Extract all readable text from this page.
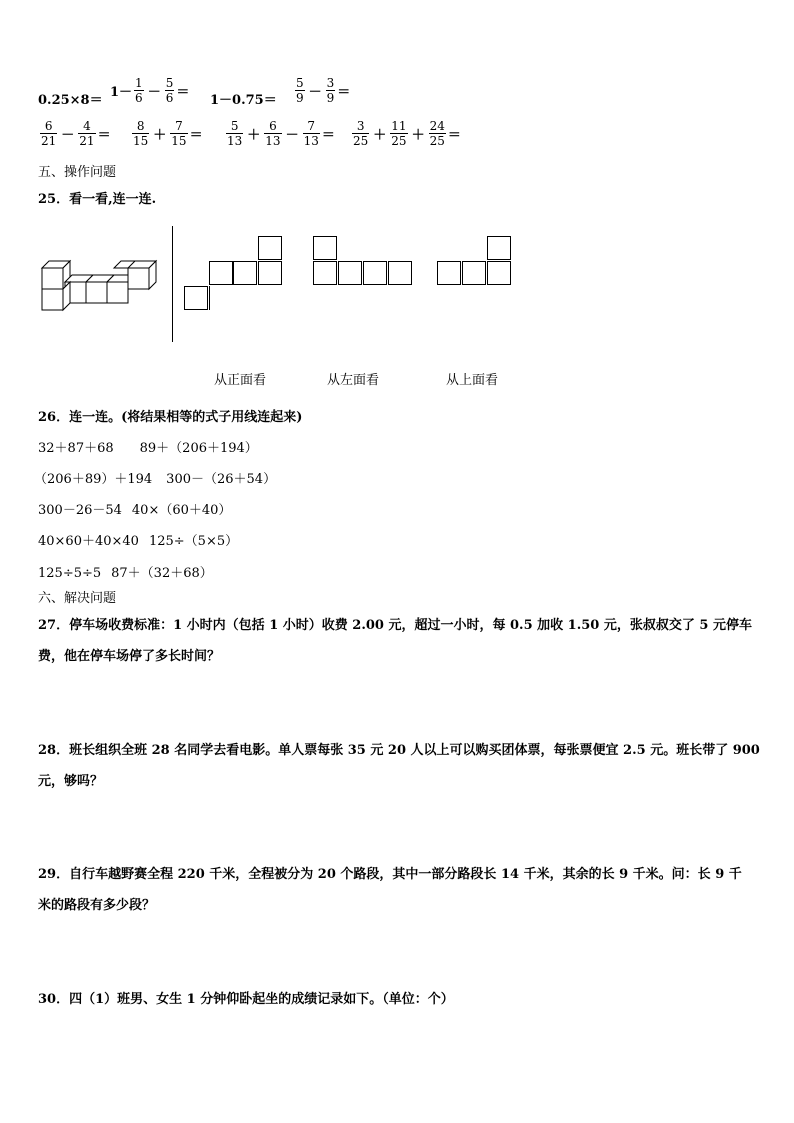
0.25×8＝
$1- \frac{1}{6} - \frac{5}{6}$ ＝
$1-0.75= \frac{5}{9} - \frac{3}{9}$ ＝
$\frac{6}{21} - \frac{4}{21} = \frac{8}{15} + \frac{7}{15} = \frac{5}{13} + \frac{6}{13} - \frac{7}{13} = \frac{3}{25} + \frac{11}{25} + \frac{24}{25}$ ＝
五、操作问题
25．看一看,连一连.
从正面看	从左面看	从上面看
26．连一连。(将结果相等的式子用线连起来)
32＋87＋68 89＋（206＋194）
（206＋89）＋194 300－（26＋54）
300－26－54 40×（60＋40）
40×60＋40×40 125÷（5×5）
125÷5÷5 87＋（32＋68）
六、解决问题
27．停车场收费标准：1 小时内（包括 1 小时）收费 2.00 元，超过一小时，每 0.5 加收 1.50 元，张叔叔交了 5 元停车
费，他在停车场停了多长时间？
28．班长组织全班 28 名同学去看电影。单人票每张 35 元 20 人以上可以购买团体票，每张票便宜 2.5 元。班长带了 900
元，够吗？
29．自行车越野赛全程 220 千米，全程被分为 20 个路段，其中一部分路段长 14 千米，其余的长 9 千米。问：长 9 千
米的路段有多少段？
30．四（1）班男、女生 1 分钟仰卧起坐的成绩记录如下。（单位：个）
